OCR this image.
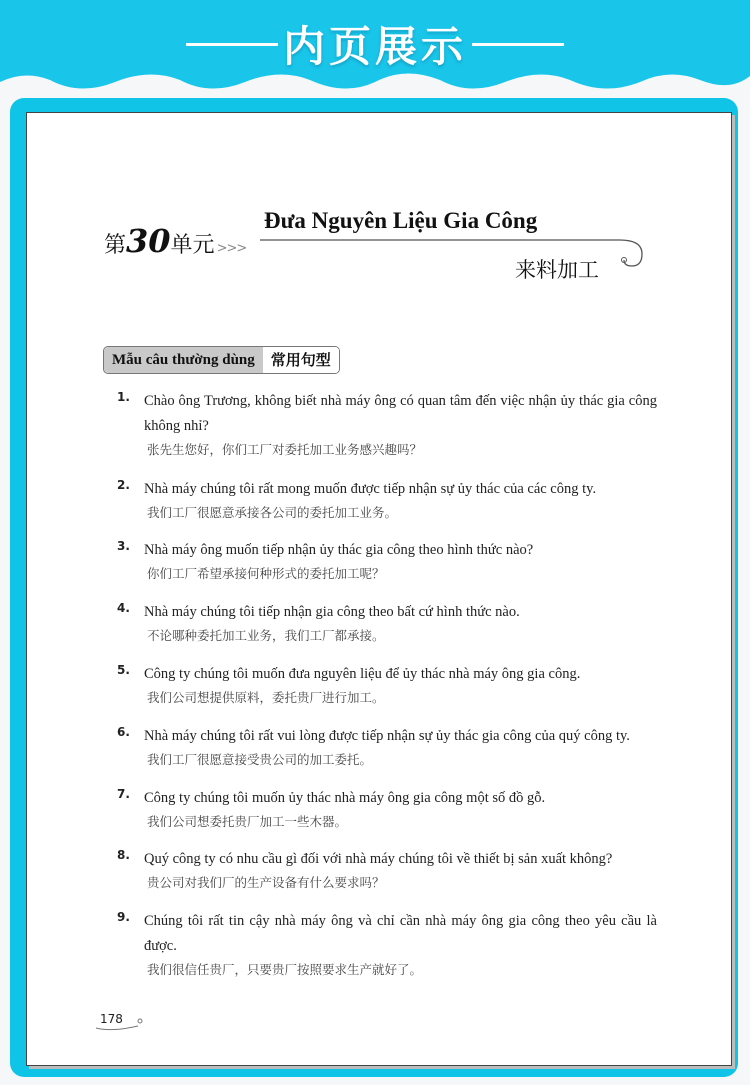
内页展示
第30单元 >>>
Đưa Nguyên Liệu Gia Công
来料加工
Mẫu câu thường dùng	常用句型
1. Chào ông Trương, không biết nhà máy ông có quan tâm đến việc nhận ủy thác gia công không nhỉ?
张先生您好，你们工厂对委托加工业务感兴趣吗？
2. Nhà máy chúng tôi rất mong muốn được tiếp nhận sự ủy thác của các công ty.
我们工厂很愿意承接各公司的委托加工业务。
3. Nhà máy ông muốn tiếp nhận ủy thác gia công theo hình thức nào?
你们工厂希望承接何种形式的委托加工呢？
4. Nhà máy chúng tôi tiếp nhận gia công theo bất cứ hình thức nào.
不论哪种委托加工业务，我们工厂都承接。
5. Công ty chúng tôi muốn đưa nguyên liệu để ủy thác nhà máy ông gia công.
我们公司想提供原料，委托贵厂进行加工。
6. Nhà máy chúng tôi rất vui lòng được tiếp nhận sự ủy thác gia công của quý công ty.
我们工厂很愿意接受贵公司的加工委托。
7. Công ty chúng tôi muốn ủy thác nhà máy ông gia công một số đồ gỗ.
我们公司想委托贵厂加工一些木器。
8. Quý công ty có nhu cầu gì đối với nhà máy chúng tôi về thiết bị sản xuất không?
贵公司对我们厂的生产设备有什么要求吗？
9. Chúng tôi rất tin cậy nhà máy ông và chỉ cần nhà máy ông gia công theo yêu cầu là được.
我们很信任贵厂，只要贵厂按照要求生产就好了。
178
